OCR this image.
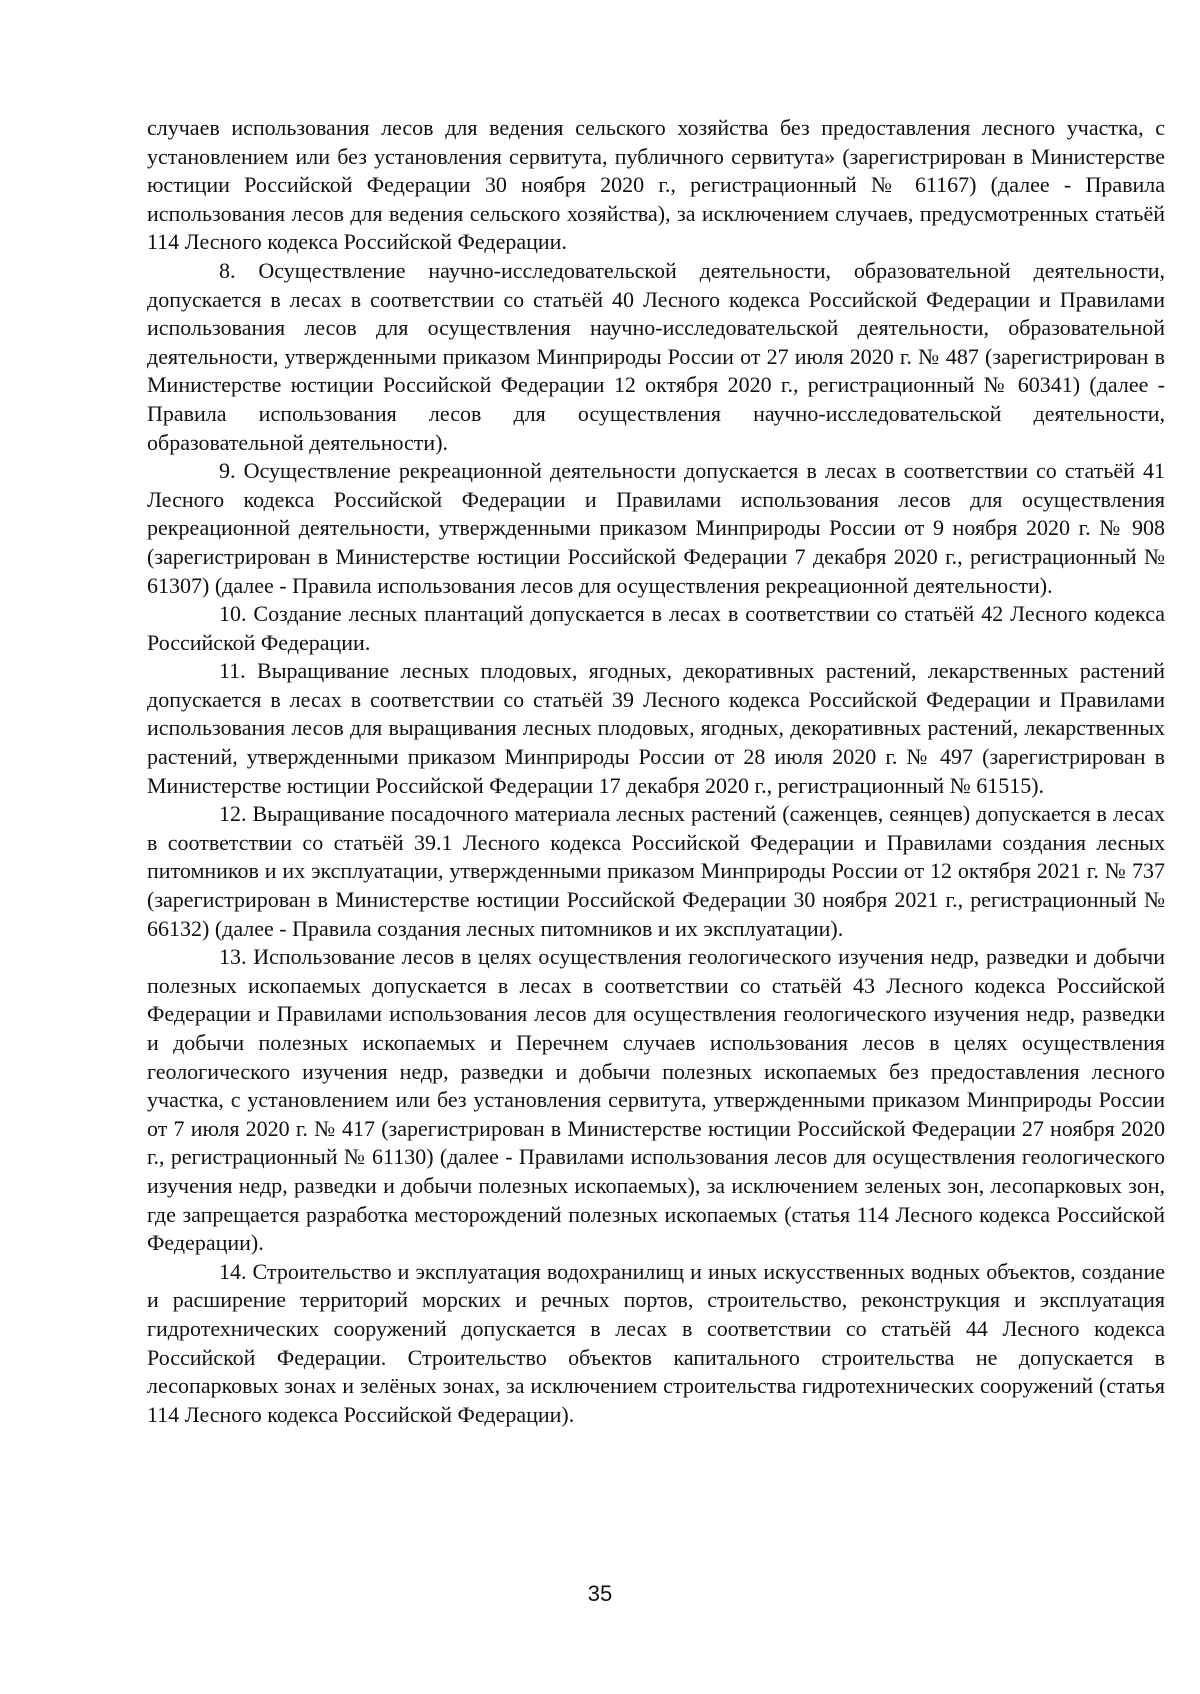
случаев использования лесов для ведения сельского хозяйства без предоставления лесного участка, с установлением или без установления сервитута, публичного сервитута» (зарегистрирован в Министерстве юстиции Российской Федерации 30 ноября 2020 г., регистрационный № 61167) (далее - Правила использования лесов для ведения сельского хозяйства), за исключением случаев, предусмотренных статьёй 114 Лесного кодекса Российской Федерации.

8. Осуществление научно-исследовательской деятельности, образовательной деятельности, допускается в лесах в соответствии со статьёй 40 Лесного кодекса Российской Федерации и Правилами использования лесов для осуществления научно-исследовательской деятельности, образовательной деятельности, утвержденными приказом Минприроды России от 27 июля 2020 г. № 487 (зарегистрирован в Министерстве юстиции Российской Федерации 12 октября 2020 г., регистрационный № 60341) (далее - Правила использования лесов для осуществления научно-исследовательской деятельности, образовательной деятельности).

9. Осуществление рекреационной деятельности допускается в лесах в соответствии со статьёй 41 Лесного кодекса Российской Федерации и Правилами использования лесов для осуществления рекреационной деятельности, утвержденными приказом Минприроды России от 9 ноября 2020 г. № 908 (зарегистрирован в Министерстве юстиции Российской Федерации 7 декабря 2020 г., регистрационный № 61307) (далее - Правила использования лесов для осуществления рекреационной деятельности).

10. Создание лесных плантаций допускается в лесах в соответствии со статьёй 42 Лесного кодекса Российской Федерации.

11. Выращивание лесных плодовых, ягодных, декоративных растений, лекарственных растений допускается в лесах в соответствии со статьёй 39 Лесного кодекса Российской Федерации и Правилами использования лесов для выращивания лесных плодовых, ягодных, декоративных растений, лекарственных растений, утвержденными приказом Минприроды России от 28 июля 2020 г. № 497 (зарегистрирован в Министерстве юстиции Российской Федерации 17 декабря 2020 г., регистрационный № 61515).

12. Выращивание посадочного материала лесных растений (саженцев, сеянцев) допускается в лесах в соответствии со статьёй 39.1 Лесного кодекса Российской Федерации и Правилами создания лесных питомников и их эксплуатации, утвержденными приказом Минприроды России от 12 октября 2021 г. № 737 (зарегистрирован в Министерстве юстиции Российской Федерации 30 ноября 2021 г., регистрационный № 66132) (далее - Правила создания лесных питомников и их эксплуатации).

13. Использование лесов в целях осуществления геологического изучения недр, разведки и добычи полезных ископаемых допускается в лесах в соответствии со статьёй 43 Лесного кодекса Российской Федерации и Правилами использования лесов для осуществления геологического изучения недр, разведки и добычи полезных ископаемых и Перечнем случаев использования лесов в целях осуществления геологического изучения недр, разведки и добычи полезных ископаемых без предоставления лесного участка, с установлением или без установления сервитута, утвержденными приказом Минприроды России от 7 июля 2020 г. № 417 (зарегистрирован в Министерстве юстиции Российской Федерации 27 ноября 2020 г., регистрационный № 61130) (далее - Правилами использования лесов для осуществления геологического изучения недр, разведки и добычи полезных ископаемых), за исключением зеленых зон, лесопарковых зон, где запрещается разработка месторождений полезных ископаемых (статья 114 Лесного кодекса Российской Федерации).

14. Строительство и эксплуатация водохранилищ и иных искусственных водных объектов, создание и расширение территорий морских и речных портов, строительство, реконструкция и эксплуатация гидротехнических сооружений допускается в лесах в соответствии со статьёй 44 Лесного кодекса Российской Федерации. Строительство объектов капитального строительства не допускается в лесопарковых зонах и зелёных зонах, за исключением строительства гидротехнических сооружений (статья 114 Лесного кодекса Российской Федерации).

35
